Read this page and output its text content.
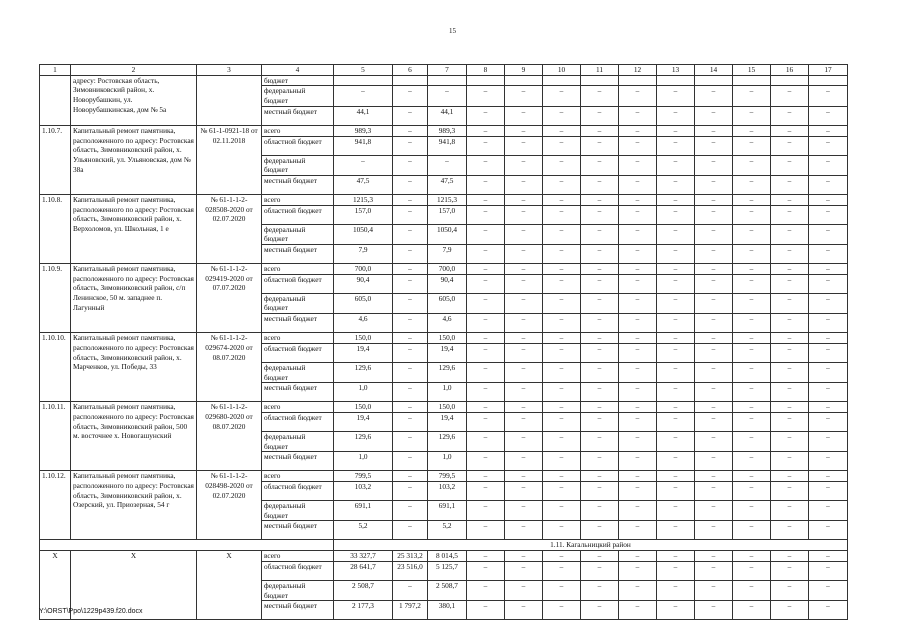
15
1	2	3	4	5	6	7	8	9	10	11	12	13	14	15	16	17
	адресу: Ростовская область, Зимовниковский район, х. Новорубашкин, ул. Новорубашкинская, дом № 5а		бюджет													
			федеральный бюджет	–	–	–	–	–	–	–	–	–	–	–	–	–
			местный бюджет	44,1	–	44,1	–	–	–	–	–	–	–	–	–	–
1.10.7.	Капитальный ремонт памятника, расположенного по адресу: Ростовская область, Зимовниковский район, х. Ульяновский, ул. Ульяновская, дом № 38а	№ 61-1-0921-18 от 02.11.2018	всего	989,3	–	989,3	–	–	–	–	–	–	–	–	–	–
			областной бюджет	941,8	–	941,8	–	–	–	–	–	–	–	–	–	–
			федеральный бюджет	–	–	–	–	–	–	–	–	–	–	–	–	–
			местный бюджет	47,5	–	47,5	–	–	–	–	–	–	–	–	–	–
1.10.8.	Капитальный ремонт памятника, расположенного по адресу: Ростовская область, Зимовниковский район, х. Верхоломов, ул. Школьная, 1 е	№ 61-1-1-2-028508-2020 от 02.07.2020	всего	1215,3	–	1215,3	–	–	–	–	–	–	–	–	–	–
			областной бюджет	157,0	–	157,0	–	–	–	–	–	–	–	–	–	–
			федеральный бюджет	1050,4	–	1050,4	–	–	–	–	–	–	–	–	–	–
			местный бюджет	7,9	–	7,9	–	–	–	–	–	–	–	–	–	–
1.10.9.	Капитальный ремонт памятника, расположенного по адресу: Ростовская область, Зимовниковский район, с/п Ленинское, 50 м. западнее п. Лагунный	№ 61-1-1-2-029419-2020 от 07.07.2020	всего	700,0	–	700,0	–	–	–	–	–	–	–	–	–	–
			областной бюджет	90,4	–	90,4	–	–	–	–	–	–	–	–	–	–
			федеральный бюджет	605,0	–	605,0	–	–	–	–	–	–	–	–	–	–
			местный бюджет	4,6	–	4,6	–	–	–	–	–	–	–	–	–	–
1.10.10.	Капитальный ремонт памятника, расположенного по адресу: Ростовская область, Зимовниковский район, х. Марченков, ул. Победы, 33	№ 61-1-1-2-029674-2020 от 08.07.2020	всего	150,0	–	150,0	–	–	–	–	–	–	–	–	–	–
			областной бюджет	19,4	–	19,4	–	–	–	–	–	–	–	–	–	–
			федеральный бюджет	129,6	–	129,6	–	–	–	–	–	–	–	–	–	–
			местный бюджет	1,0	–	1,0	–	–	–	–	–	–	–	–	–	–
1.10.11.	Капитальный ремонт памятника, расположенного по адресу: Ростовская область, Зимовниковский район, 500 м. восточнее х. Новогашунский	№ 61-1-1-2-029680-2020 от 08.07.2020	всего	150,0	–	150,0	–	–	–	–	–	–	–	–	–	–
			областной бюджет	19,4	–	19,4	–	–	–	–	–	–	–	–	–	–
			федеральный бюджет	129,6	–	129,6	–	–	–	–	–	–	–	–	–	–
			местный бюджет	1,0	–	1,0	–	–	–	–	–	–	–	–	–	–
1.10.12.	Капитальный ремонт памятника, расположенного по адресу: Ростовская область, Зимовниковский район, х. Озерский, ул. Приозерная, 54 г	№ 61-1-1-2-028498-2020 от 02.07.2020	всего	799,5	–	799,5	–	–	–	–	–	–	–	–	–	–
			областной бюджет	103,2	–	103,2	–	–	–	–	–	–	–	–	–	–
			федеральный бюджет	691,1	–	691,1	–	–	–	–	–	–	–	–	–	–
			местный бюджет	5,2	–	5,2	–	–	–	–	–	–	–	–	–	–
				1.11. Кагальницкий район												
X	X	X	всего	33 327,7	25 313,2	8 014,5	–	–	–	–	–	–	–	–	–	–
			областной бюджет	28 641,7	23 516,0	5 125,7	–	–	–	–	–	–	–	–	–	–
			федеральный бюджет	2 508,7	–	2 508,7	–	–	–	–	–	–	–	–	–	–
			местный бюджет	2 177,3	1 797,2	380,1	–	–	–	–	–	–	–	–	–	–
Y:\ORST\Ppo\1229p439.f20.docx
